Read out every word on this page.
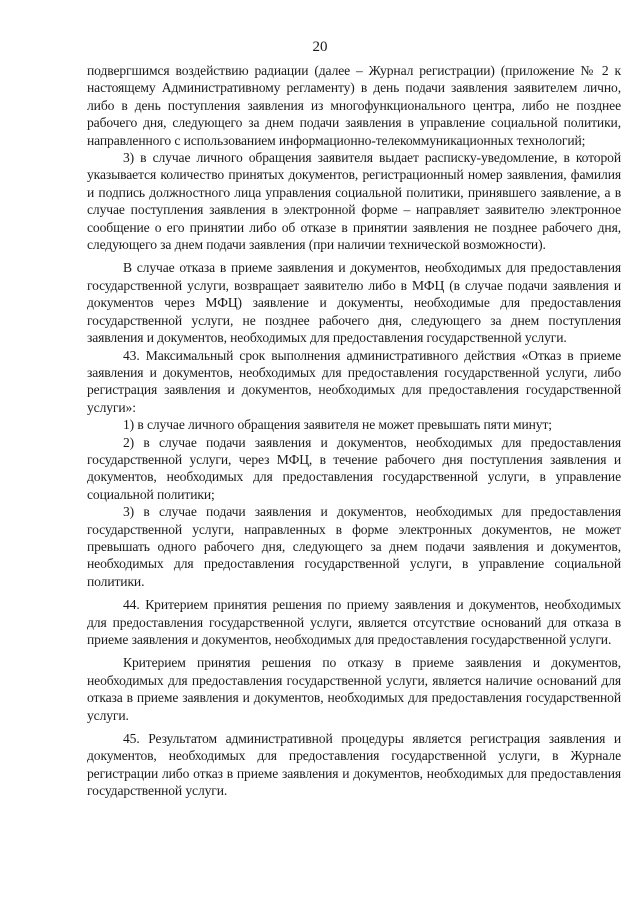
20

подвергшимся воздействию радиации (далее – Журнал регистрации) (приложение № 2 к настоящему Административному регламенту) в день подачи заявления заявителем лично, либо в день поступления заявления из многофункционального центра, либо не позднее рабочего дня, следующего за днем подачи заявления в управление социальной политики, направленного с использованием информационно-телекоммуникационных технологий;

3) в случае личного обращения заявителя выдает расписку-уведомление, в которой указывается количество принятых документов, регистрационный номер заявления, фамилия и подпись должностного лица управления социальной политики, принявшего заявление, а в случае поступления заявления в электронной форме – направляет заявителю электронное сообщение о его принятии либо об отказе в принятии заявления не позднее рабочего дня, следующего за днем подачи заявления (при наличии технической возможности).

В случае отказа в приеме заявления и документов, необходимых для предоставления государственной услуги, возвращает заявителю либо в МФЦ (в случае подачи заявления и документов через МФЦ) заявление и документы, необходимые для предоставления государственной услуги, не позднее рабочего дня, следующего за днем поступления заявления и документов, необходимых для предоставления государственной услуги.

43. Максимальный срок выполнения административного действия «Отказ в приеме заявления и документов, необходимых для предоставления государственной услуги, либо регистрация заявления и документов, необходимых для предоставления государственной услуги»:

1) в случае личного обращения заявителя не может превышать пяти минут;

2) в случае подачи заявления и документов, необходимых для предоставления государственной услуги, через МФЦ, в течение рабочего дня поступления заявления и документов, необходимых для предоставления государственной услуги, в управление социальной политики;

3) в случае подачи заявления и документов, необходимых для предоставления государственной услуги, направленных в форме электронных документов, не может превышать одного рабочего дня, следующего за днем подачи заявления и документов, необходимых для предоставления государственной услуги, в управление социальной политики.

44. Критерием принятия решения по приему заявления и документов, необходимых для предоставления государственной услуги, является отсутствие оснований для отказа в приеме заявления и документов, необходимых для предоставления государственной услуги.

Критерием принятия решения по отказу в приеме заявления и документов, необходимых для предоставления государственной услуги, является наличие оснований для отказа в приеме заявления и документов, необходимых для предоставления государственной услуги.

45. Результатом административной процедуры является регистрация заявления и документов, необходимых для предоставления государственной услуги, в Журнале регистрации либо отказ в приеме заявления и документов, необходимых для предоставления государственной услуги.
